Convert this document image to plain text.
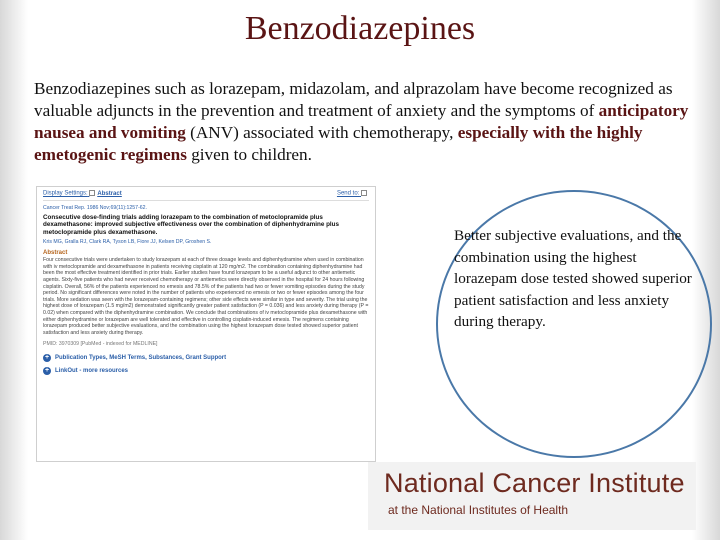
Benzodiazepines

Benzodiazepines such as lorazepam, midazolam, and alprazolam have become recognized as valuable adjuncts in the prevention and treatment of anxiety and the symptoms of anticipatory nausea and vomiting (ANV) associated with chemotherapy, especially with the highly emetogenic regimens given to children.

Display Settings: Abstract	Send to:
Cancer Treat Rep. 1986 Nov;69(11):1257-62.
Consecutive dose-finding trials adding lorazepam to the combination of metoclopramide plus dexamethasone: improved subjective effectiveness over the combination of diphenhydramine plus metoclopramide plus dexamethasone.
Kris MG, Gralla RJ, Clark RA, Tyson LB, Fiore JJ, Kelsen DP, Groshen S.
Abstract
Four consecutive trials were undertaken to study lorazepam at each of three dosage levels and diphenhydramine when used in combination with iv metoclopramide and dexamethasone in patients receiving cisplatin at 120 mg/m2. The combination containing diphenhydramine had been the most effective treatment identified in prior trials. Earlier studies have found lorazepam to be a useful adjunct to other antiemetic agents. Sixty-five patients who had never received chemotherapy or antiemetics were directly observed in the hospital for 24 hours following cisplatin. Overall, 56% of the patients experienced no emesis and 78.5% of the patients had two or fewer vomiting episodes during the study period. No significant differences were noted in the number of patients who experienced no emesis or two or fewer episodes among the four trials. More sedation was seen with the lorazepam-containing regimens; other side effects were similar in type and severity. The trial using the highest dose of lorazepam (1.5 mg/m2) demonstrated significantly greater patient satisfaction (P = 0.036) and less anxiety during therapy (P = 0.02) when compared with the diphenhydramine combination. We conclude that combinations of iv metoclopramide plus dexamethasone with either diphenhydramine or lorazepam are well tolerated and effective in controlling cisplatin-induced emesis. The regimens containing lorazepam produced better subjective evaluations, and the combination using the highest lorazepam dose tested showed superior patient satisfaction and less anxiety during therapy.
PMID: 3970309 [PubMed - indexed for MEDLINE]
+ Publication Types, MeSH Terms, Substances, Grant Support
+ LinkOut - more resources
Better subjective evaluations, and the combination using the highest lorazepam dose tested showed superior patient satisfaction and less anxiety during therapy.
National Cancer Institute
at the National Institutes of Health
